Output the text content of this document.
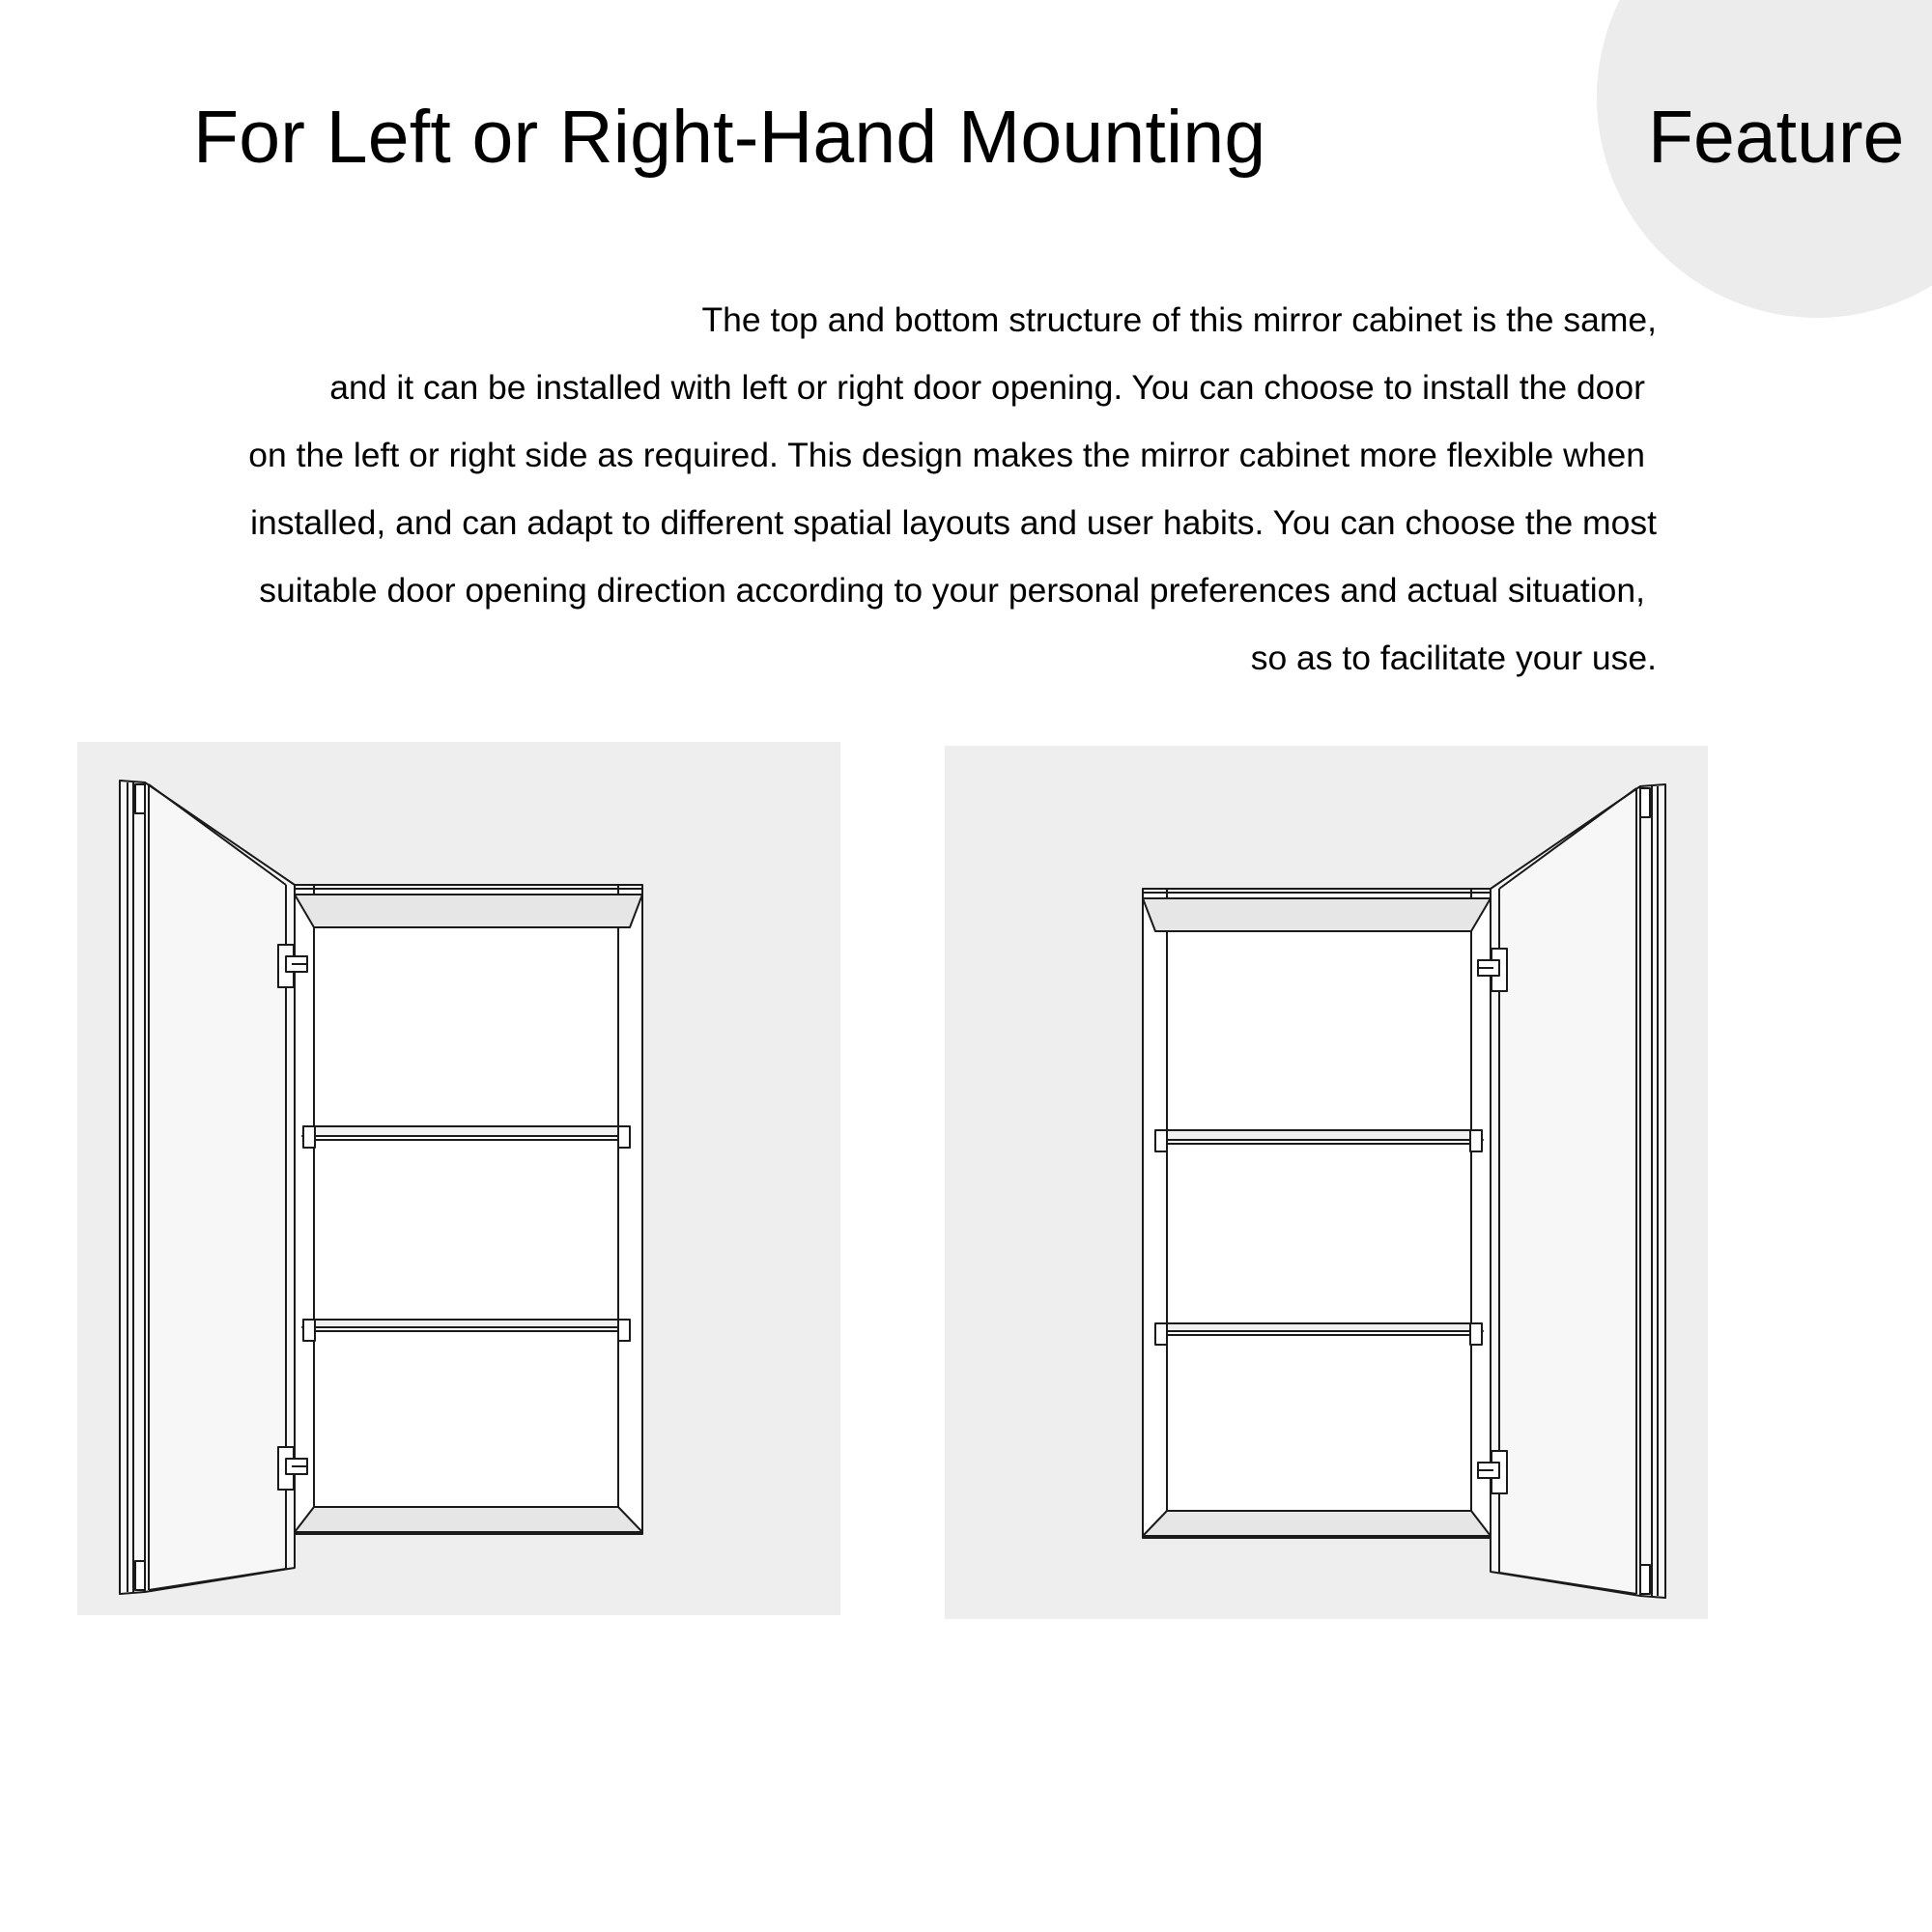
For Left or Right-Hand Mounting	Feature
The top and bottom structure of this mirror cabinet is the same,
and it can be installed with left or right door opening. You can choose to install the door
on the left or right side as required. This design makes the mirror cabinet more flexible when
installed, and can adapt to different spatial layouts and user habits. You can choose the most
suitable door opening direction according to your personal preferences and actual situation,
so as to facilitate your use.
